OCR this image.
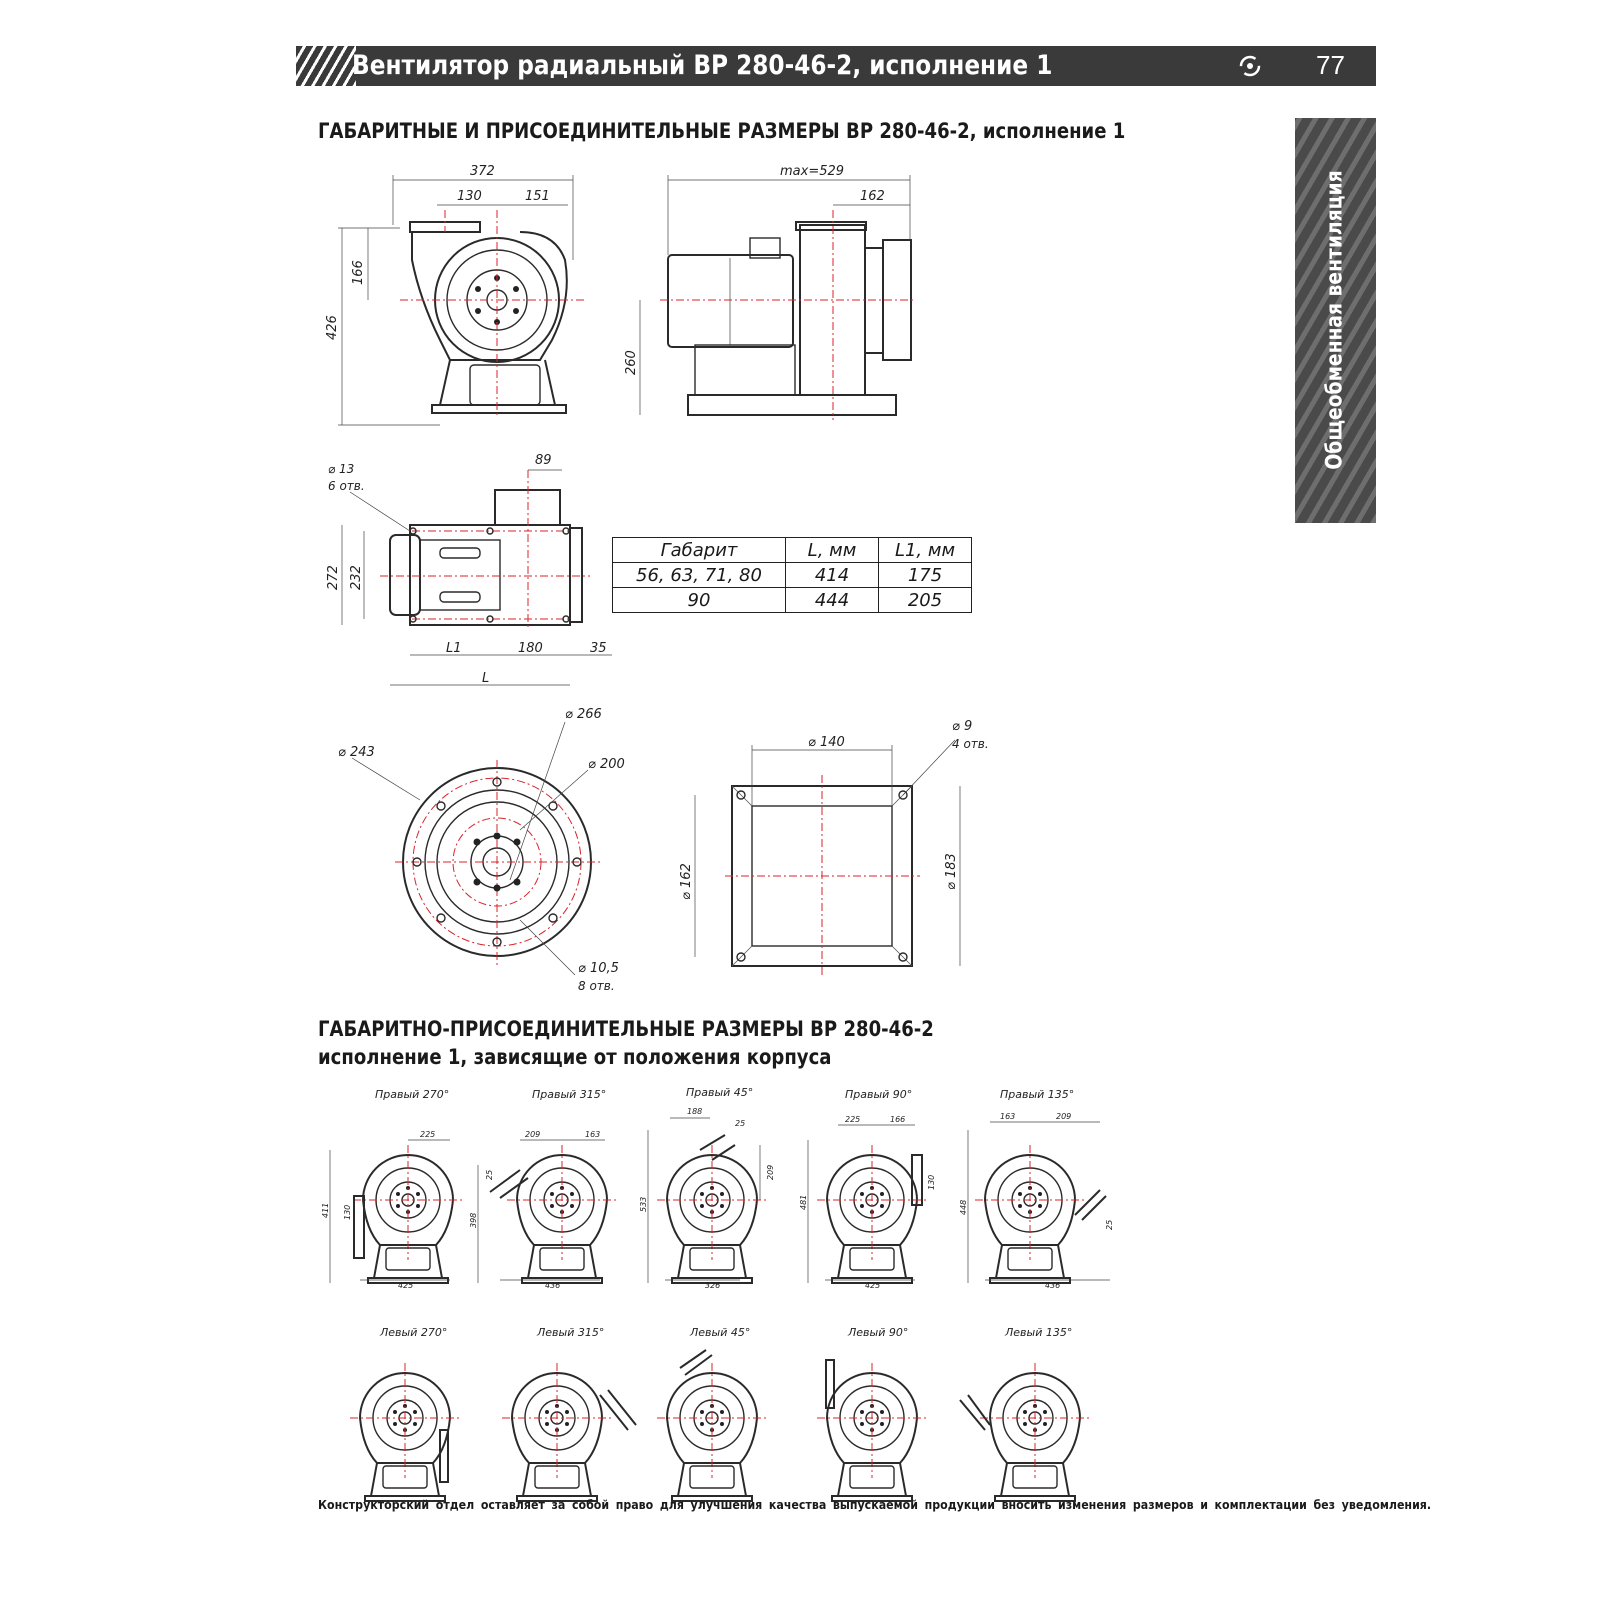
Вентилятор радиальный ВР 280-46-2, исполнение 1	77
Общеобменная вентиляция
ГАБАРИТНЫЕ И ПРИСОЕДИНИТЕЛЬНЫЕ РАЗМЕРЫ ВР 280-46-2, исполнение 1
372
130	151
426
166
max=529
162
260
⌀ 13
6 отв.
89
272 232
L1	180	35
L
⌀ 266
⌀ 243
⌀ 200
⌀ 10,5
8 отв.
⌀ 9
4 отв.
⌀ 140
⌀ 162	⌀ 183
Габарит	L, мм	L1, мм
56, 63, 71, 80	414	175
90	444	205
ГАБАРИТНО-ПРИСОЕДИНИТЕЛЬНЫЕ РАЗМЕРЫ ВР 280-46-2
исполнение 1, зависящие от положения корпуса
Правый 270°
225
411 130
425
Правый 315°
209	163
25
398
436
Правый 45°
188
25
209
533
326
Правый 90°
225	166
130
481
425
Правый 135°
163	209
448
25
436
Левый 270°	Левый 315°	Левый 45°	Левый 90°	Левый 135°
Конструкторский отдел оставляет за собой право для улучшения качества выпускаемой продукции вносить изменения размеров и комплектации без уведомления.
